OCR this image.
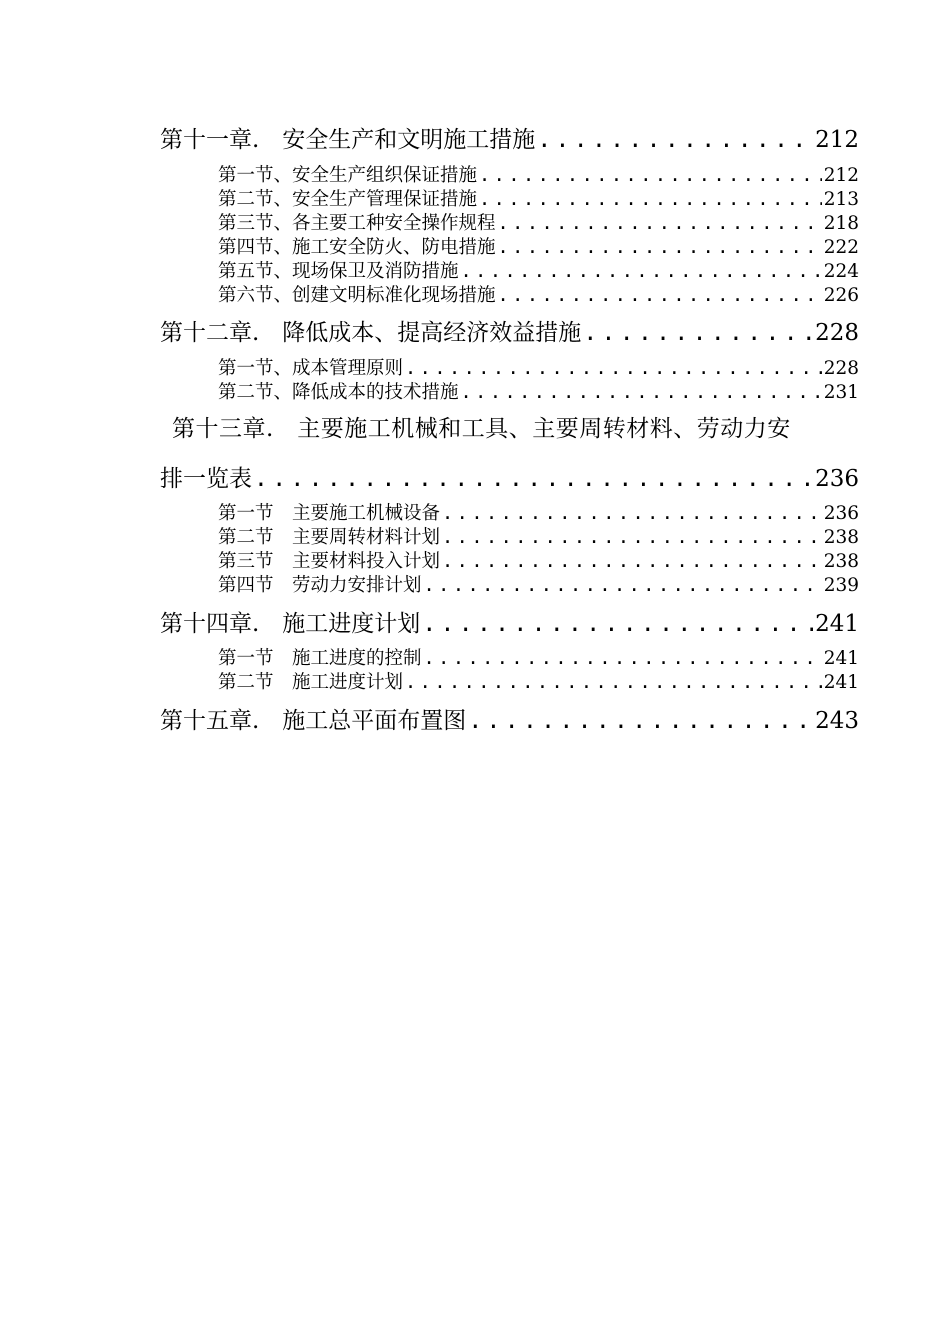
第十一章.　安全生产和文明施工措施 .....	212
第一节、安全生产组织保证措施 .....	212
第二节、安全生产管理保证措施 .....	213
第三节、各主要工种安全操作规程 .....	218
第四节、施工安全防火、防电措施 .....	222
第五节、现场保卫及消防措施 .....	224
第六节、创建文明标准化现场措施 .....	226
第十二章.　降低成本、提高经济效益措施 .....	228
第一节、成本管理原则 .....	228
第二节、降低成本的技术措施 .....	231
第十三章.　主要施工机械和工具、主要周转材料、劳动力安
排一览表 .....	236
第一节　主要施工机械设备 .....	236
第二节　主要周转材料计划 .....	238
第三节　主要材料投入计划 .....	238
第四节　劳动力安排计划 .....	239
第十四章.　施工进度计划 .....	241
第一节　施工进度的控制 .....	241
第二节　施工进度计划 .....	241
第十五章.　施工总平面布置图 .....	243
